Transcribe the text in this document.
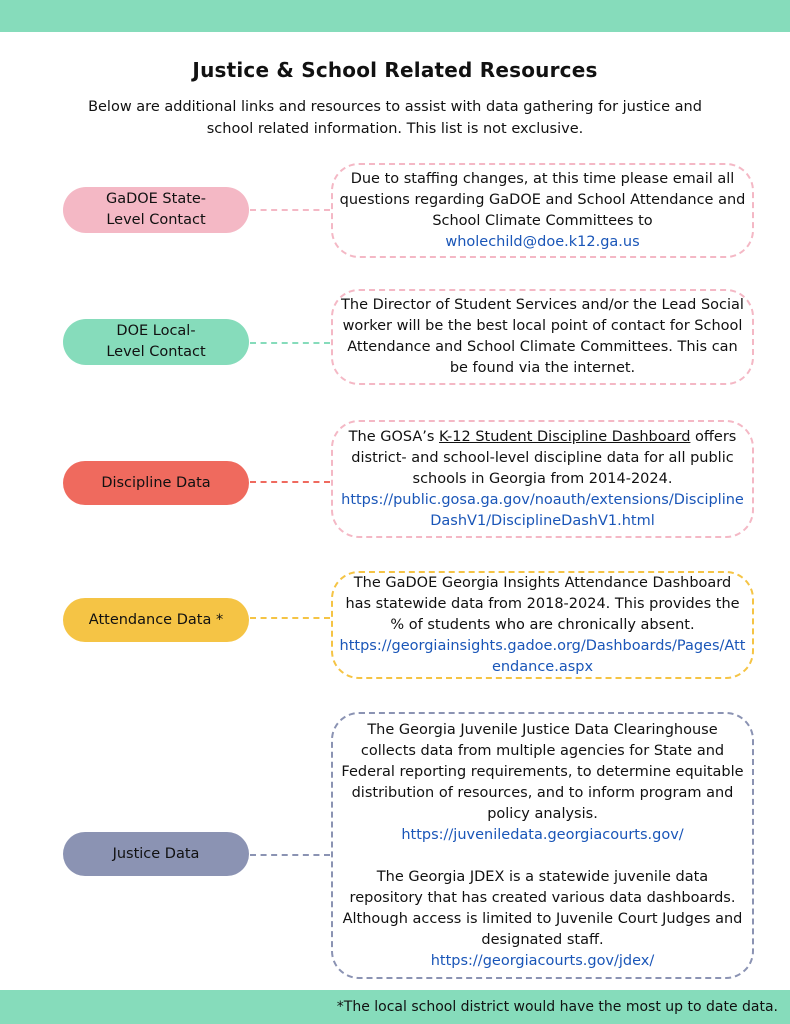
Justice & School Related Resources
Below are additional links and resources to assist with data gathering for justice and school related information. This list is not exclusive.
GaDOE State-
Level Contact

Due to staffing changes, at this time please email all questions regarding GaDOE and School Attendance and School Climate Committees to

wholechild@doe.k12.ga.us

DOE Local-
Level Contact

The Director of Student Services and/or the Lead Social worker will be the best local point of contact for School Attendance and School Climate Committees. This can be found via the internet.

Discipline Data

The GOSA’s K-12 Student Discipline Dashboard offers district- and school-level discipline data for all public schools in Georgia from 2014-2024.

https://public.gosa.ga.gov/noauth/extensions/DisciplineDashV1/DisciplineDashV1.html

Attendance Data *

The GaDOE Georgia Insights Attendance Dashboard has statewide data from 2018-2024. This provides the % of students who are chronically absent.

https://georgiainsights.gadoe.org/Dashboards/Pages/Attendance.aspx

Justice Data

The Georgia Juvenile Justice Data Clearinghouse collects data from multiple agencies for State and Federal reporting requirements, to determine equitable distribution of resources, and to inform program and policy analysis.

https://juveniledata.georgiacourts.gov/

The Georgia JDEX is a statewide juvenile data repository that has created various data dashboards. Although access is limited to Juvenile Court Judges and designated staff.

https://georgiacourts.gov/jdex/

*The local school district would have the most up to date data.
